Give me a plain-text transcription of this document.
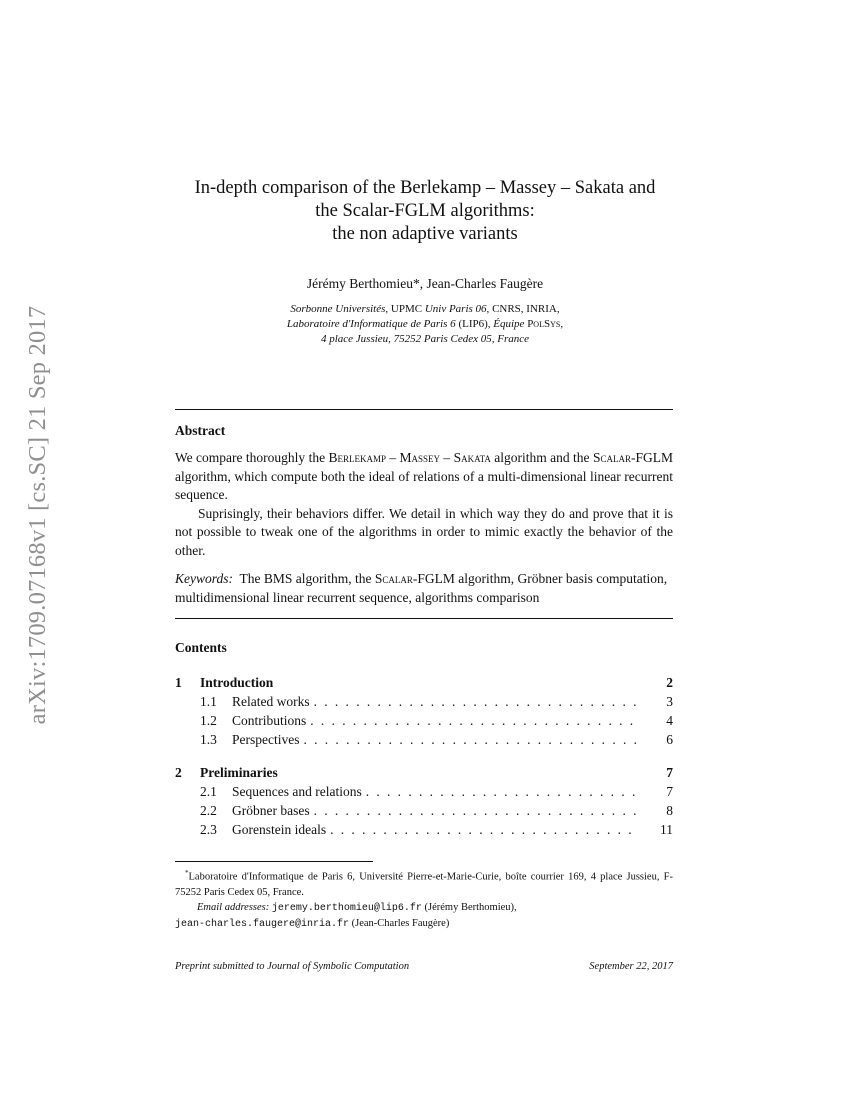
arXiv:1709.07168v1 [cs.SC] 21 Sep 2017
In-depth comparison of the Berlekamp – Massey – Sakata and
the Scalar-FGLM algorithms:
the non adaptive variants
Jérémy Berthomieu*, Jean-Charles Faugère
Sorbonne Universités, UPMC Univ Paris 06, CNRS, INRIA,
Laboratoire d'Informatique de Paris 6 (LIP6), Équipe PolSys,
4 place Jussieu, 75252 Paris Cedex 05, France
Abstract

We compare thoroughly the Berlekamp – Massey – Sakata algorithm and the Scalar-FGLM algorithm, which compute both the ideal of relations of a multi-dimensional linear recurrent sequence.

Suprisingly, their behaviors differ. We detail in which way they do and prove that it is not possible to tweak one of the algorithms in order to mimic exactly the behavior of the other.

Keywords:  The BMS algorithm, the Scalar-FGLM algorithm, Gröbner basis computation, multidimensional linear recurrent sequence, algorithms comparison
Contents
1	Introduction	2
1.1	Related works . . .	3
1.2	Contributions . . .	4
1.3	Perspectives . . .	6
2	Preliminaries	7
2.1	Sequences and relations . . .	7
2.2	Gröbner bases . . .	8
2.3	Gorenstein ideals . . .	11

*Laboratoire d'Informatique de Paris 6, Université Pierre-et-Marie-Curie, boîte courrier 169, 4 place Jussieu, F-75252 Paris Cedex 05, France.

Email addresses: jeremy.berthomieu@lip6.fr (Jérémy Berthomieu),

jean-charles.faugere@inria.fr (Jean-Charles Faugère)

Preprint submitted to Journal of Symbolic Computation	September 22, 2017
